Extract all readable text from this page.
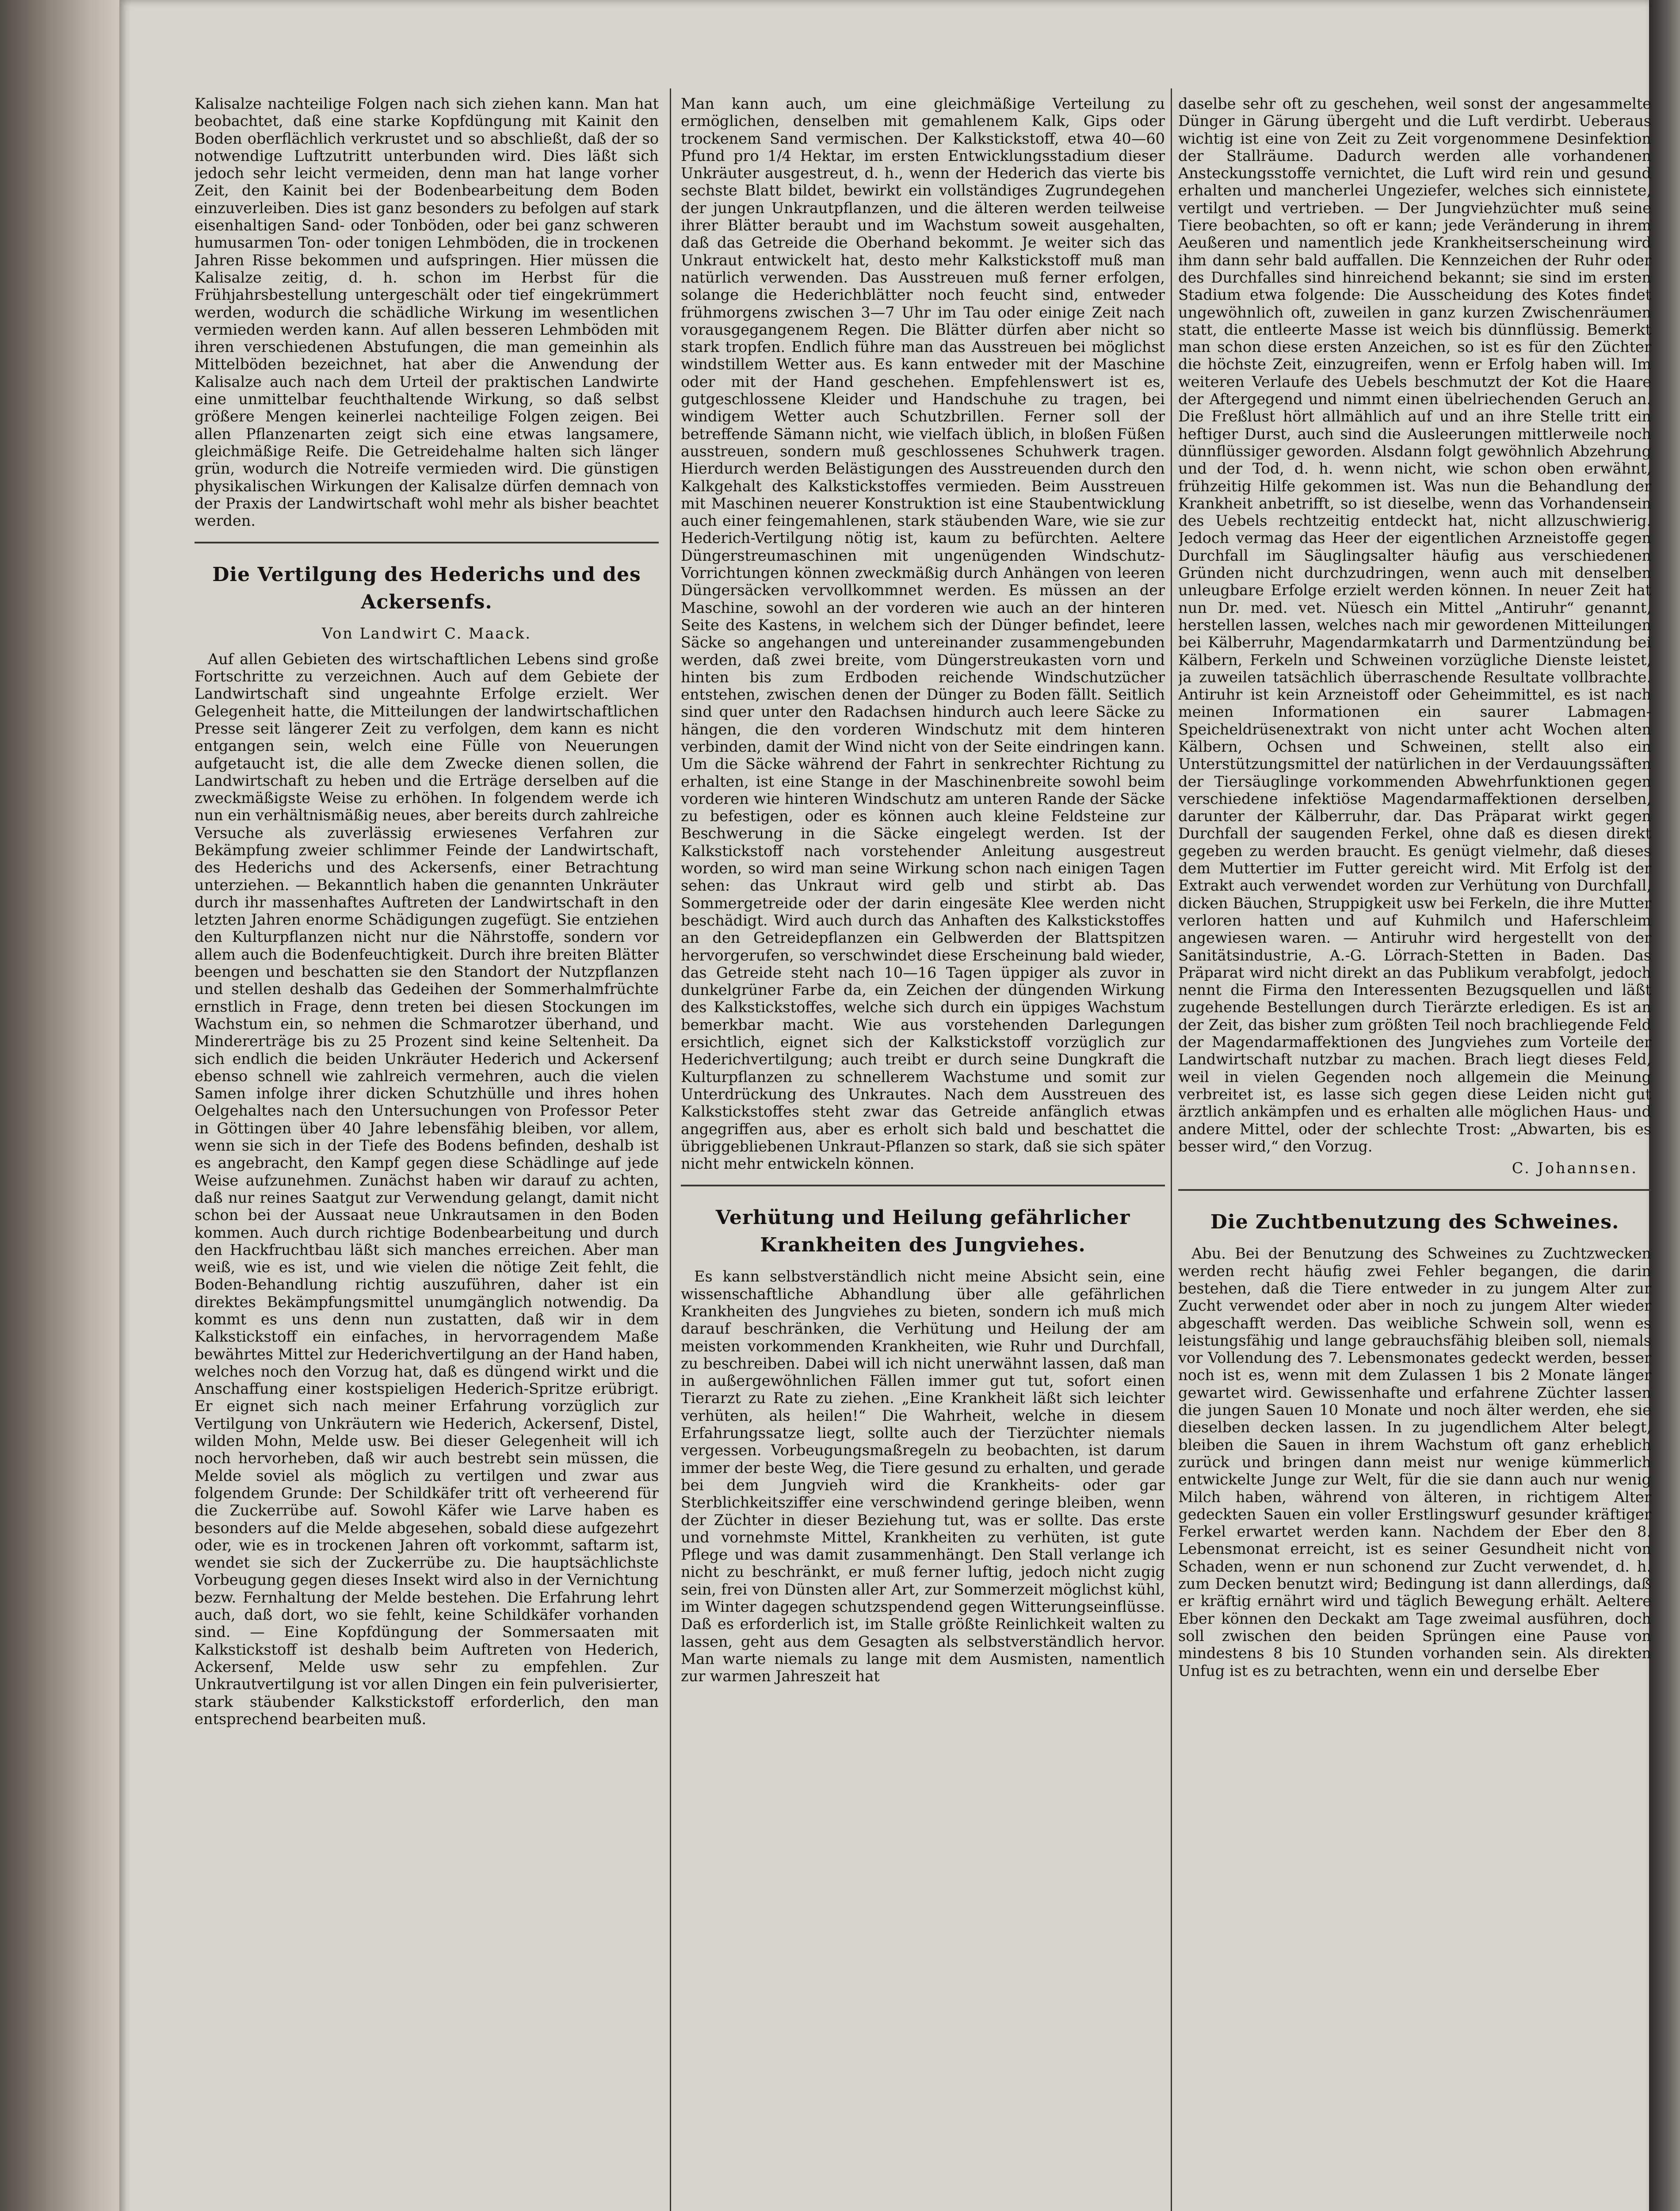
Kalisalze nachteilige Folgen nach sich ziehen kann. Man hat beobachtet, daß eine starke Kopfdüngung mit Kainit den Boden oberflächlich verkrustet und so abschließt, daß der so notwendige Luftzutritt unterbunden wird. Dies läßt sich jedoch sehr leicht vermeiden, denn man hat lange vorher Zeit, den Kainit bei der Bodenbearbeitung dem Boden einzuverleiben. Dies ist ganz besonders zu befolgen auf stark eisenhaltigen Sand- oder Tonböden, oder bei ganz schweren humusarmen Ton- oder tonigen Lehmböden, die in trockenen Jahren Risse bekommen und aufspringen. Hier müssen die Kalisalze zeitig, d. h. schon im Herbst für die Frühjahrsbestellung untergeschält oder tief eingekrümmert werden, wodurch die schädliche Wirkung im wesentlichen vermieden werden kann. Auf allen besseren Lehmböden mit ihren verschiedenen Abstufungen, die man gemeinhin als Mittelböden bezeichnet, hat aber die Anwendung der Kalisalze auch nach dem Urteil der praktischen Landwirte eine unmittelbar feuchthaltende Wirkung, so daß selbst größere Mengen keinerlei nachteilige Folgen zeigen. Bei allen Pflanzenarten zeigt sich eine etwas langsamere, gleichmäßige Reife. Die Getreidehalme halten sich länger grün, wodurch die Notreife vermieden wird. Die günstigen physikalischen Wirkungen der Kalisalze dürfen demnach von der Praxis der Landwirtschaft wohl mehr als bisher beachtet werden.

Die Vertilgung des Hederichs und des Ackersenfs.
Von Landwirt C. Maack.

Auf allen Gebieten des wirtschaftlichen Lebens sind große Fortschritte zu verzeichnen. Auch auf dem Gebiete der Landwirtschaft sind ungeahnte Erfolge erzielt. Wer Gelegenheit hatte, die Mitteilungen der landwirtschaftlichen Presse seit längerer Zeit zu verfolgen, dem kann es nicht entgangen sein, welch eine Fülle von Neuerungen aufgetaucht ist, die alle dem Zwecke dienen sollen, die Landwirtschaft zu heben und die Erträge derselben auf die zweckmäßigste Weise zu erhöhen. In folgendem werde ich nun ein verhältnismäßig neues, aber bereits durch zahlreiche Versuche als zuverlässig erwiesenes Verfahren zur Bekämpfung zweier schlimmer Feinde der Landwirtschaft, des Hederichs und des Ackersenfs, einer Betrachtung unterziehen. — Bekanntlich haben die genannten Unkräuter durch ihr massenhaftes Auftreten der Landwirtschaft in den letzten Jahren enorme Schädigungen zugefügt. Sie entziehen den Kulturpflanzen nicht nur die Nährstoffe, sondern vor allem auch die Bodenfeuchtigkeit. Durch ihre breiten Blätter beengen und beschatten sie den Standort der Nutzpflanzen und stellen deshalb das Gedeihen der Sommerhalmfrüchte ernstlich in Frage, denn treten bei diesen Stockungen im Wachstum ein, so nehmen die Schmarotzer überhand, und Mindererträge bis zu 25 Prozent sind keine Seltenheit. Da sich endlich die beiden Unkräuter Hederich und Ackersenf ebenso schnell wie zahlreich vermehren, auch die vielen Samen infolge ihrer dicken Schutzhülle und ihres hohen Oelgehaltes nach den Untersuchungen von Professor Peter in Göttingen über 40 Jahre lebensfähig bleiben, vor allem, wenn sie sich in der Tiefe des Bodens befinden, deshalb ist es angebracht, den Kampf gegen diese Schädlinge auf jede Weise aufzunehmen. Zunächst haben wir darauf zu achten, daß nur reines Saatgut zur Verwendung gelangt, damit nicht schon bei der Aussaat neue Unkrautsamen in den Boden kommen. Auch durch richtige Bodenbearbeitung und durch den Hackfruchtbau läßt sich manches erreichen. Aber man weiß, wie es ist, und wie vielen die nötige Zeit fehlt, die Boden-Behandlung richtig auszuführen, daher ist ein direktes Bekämpfungsmittel unumgänglich notwendig. Da kommt es uns denn nun zustatten, daß wir in dem Kalkstickstoff ein einfaches, in hervorragendem Maße bewährtes Mittel zur Hederichvertilgung an der Hand haben, welches noch den Vorzug hat, daß es düngend wirkt und die Anschaffung einer kostspieligen Hederich-Spritze erübrigt. Er eignet sich nach meiner Erfahrung vorzüglich zur Vertilgung von Unkräutern wie Hederich, Ackersenf, Distel, wilden Mohn, Melde usw. Bei dieser Gelegenheit will ich noch hervorheben, daß wir auch bestrebt sein müssen, die Melde soviel als möglich zu vertilgen und zwar aus folgendem Grunde: Der Schildkäfer tritt oft verheerend für die Zuckerrübe auf. Sowohl Käfer wie Larve haben es besonders auf die Melde abgesehen, sobald diese aufgezehrt oder, wie es in trockenen Jahren oft vorkommt, saftarm ist, wendet sie sich der Zuckerrübe zu. Die hauptsächlichste Vorbeugung gegen dieses Insekt wird also in der Vernichtung bezw. Fernhaltung der Melde bestehen. Die Erfahrung lehrt auch, daß dort, wo sie fehlt, keine Schildkäfer vorhanden sind. — Eine Kopfdüngung der Sommersaaten mit Kalkstickstoff ist deshalb beim Auftreten von Hederich, Ackersenf, Melde usw sehr zu empfehlen. Zur Unkrautvertilgung ist vor allen Dingen ein fein pulverisierter, stark stäubender Kalkstickstoff erforderlich, den man entsprechend bearbeiten muß.

Man kann auch, um eine gleichmäßige Verteilung zu ermöglichen, denselben mit gemahlenem Kalk, Gips oder trockenem Sand vermischen. Der Kalkstickstoff, etwa 40—60 Pfund pro 1/4 Hektar, im ersten Entwicklungsstadium dieser Unkräuter ausgestreut, d. h., wenn der Hederich das vierte bis sechste Blatt bildet, bewirkt ein vollständiges Zugrundegehen der jungen Unkrautpflanzen, und die älteren werden teilweise ihrer Blätter beraubt und im Wachstum soweit ausgehalten, daß das Getreide die Oberhand bekommt. Je weiter sich das Unkraut entwickelt hat, desto mehr Kalkstickstoff muß man natürlich verwenden. Das Ausstreuen muß ferner erfolgen, solange die Hederichblätter noch feucht sind, entweder frühmorgens zwischen 3—7 Uhr im Tau oder einige Zeit nach vorausgegangenem Regen. Die Blätter dürfen aber nicht so stark tropfen. Endlich führe man das Ausstreuen bei möglichst windstillem Wetter aus. Es kann entweder mit der Maschine oder mit der Hand geschehen. Empfehlenswert ist es, gutgeschlossene Kleider und Handschuhe zu tragen, bei windigem Wetter auch Schutzbrillen. Ferner soll der betreffende Sämann nicht, wie vielfach üblich, in bloßen Füßen ausstreuen, sondern muß geschlossenes Schuhwerk tragen. Hierdurch werden Belästigungen des Ausstreuenden durch den Kalkgehalt des Kalkstickstoffes vermieden. Beim Ausstreuen mit Maschinen neuerer Konstruktion ist eine Staubentwicklung auch einer feingemahlenen, stark stäubenden Ware, wie sie zur Hederich-Vertilgung nötig ist, kaum zu befürchten. Aeltere Düngerstreumaschinen mit ungenügenden Windschutz-Vorrichtungen können zweckmäßig durch Anhängen von leeren Düngersäcken vervollkommnet werden. Es müssen an der Maschine, sowohl an der vorderen wie auch an der hinteren Seite des Kastens, in welchem sich der Dünger befindet, leere Säcke so angehangen und untereinander zusammengebunden werden, daß zwei breite, vom Düngerstreukasten vorn und hinten bis zum Erdboden reichende Windschutzücher entstehen, zwischen denen der Dünger zu Boden fällt. Seitlich sind quer unter den Radachsen hindurch auch leere Säcke zu hängen, die den vorderen Windschutz mit dem hinteren verbinden, damit der Wind nicht von der Seite eindringen kann. Um die Säcke während der Fahrt in senkrechter Richtung zu erhalten, ist eine Stange in der Maschinenbreite sowohl beim vorderen wie hinteren Windschutz am unteren Rande der Säcke zu befestigen, oder es können auch kleine Feldsteine zur Beschwerung in die Säcke eingelegt werden. Ist der Kalkstickstoff nach vorstehender Anleitung ausgestreut worden, so wird man seine Wirkung schon nach einigen Tagen sehen: das Unkraut wird gelb und stirbt ab. Das Sommergetreide oder der darin eingesäte Klee werden nicht beschädigt. Wird auch durch das Anhaften des Kalkstickstoffes an den Getreidepflanzen ein Gelbwerden der Blattspitzen hervorgerufen, so verschwindet diese Erscheinung bald wieder, das Getreide steht nach 10—16 Tagen üppiger als zuvor in dunkelgrüner Farbe da, ein Zeichen der düngenden Wirkung des Kalkstickstoffes, welche sich durch ein üppiges Wachstum bemerkbar macht. Wie aus vorstehenden Darlegungen ersichtlich, eignet sich der Kalkstickstoff vorzüglich zur Hederichvertilgung; auch treibt er durch seine Dungkraft die Kulturpflanzen zu schnellerem Wachstume und somit zur Unterdrückung des Unkrautes. Nach dem Ausstreuen des Kalkstickstoffes steht zwar das Getreide anfänglich etwas angegriffen aus, aber es erholt sich bald und beschattet die übriggebliebenen Unkraut-Pflanzen so stark, daß sie sich später nicht mehr entwickeln können.

Verhütung und Heilung gefährlicher Krankheiten des Jungviehes.

Es kann selbstverständlich nicht meine Absicht sein, eine wissenschaftliche Abhandlung über alle gefährlichen Krankheiten des Jungviehes zu bieten, sondern ich muß mich darauf beschränken, die Verhütung und Heilung der am meisten vorkommenden Krankheiten, wie Ruhr und Durchfall, zu beschreiben. Dabei will ich nicht unerwähnt lassen, daß man in außergewöhnlichen Fällen immer gut tut, sofort einen Tierarzt zu Rate zu ziehen. „Eine Krankheit läßt sich leichter verhüten, als heilen!“ Die Wahrheit, welche in diesem Erfahrungssatze liegt, sollte auch der Tierzüchter niemals vergessen. Vorbeugungsmaßregeln zu beobachten, ist darum immer der beste Weg, die Tiere gesund zu erhalten, und gerade bei dem Jungvieh wird die Krankheits- oder gar Sterblichkeitsziffer eine verschwindend geringe bleiben, wenn der Züchter in dieser Beziehung tut, was er sollte. Das erste und vornehmste Mittel, Krankheiten zu verhüten, ist gute Pflege und was damit zusammenhängt. Den Stall verlange ich nicht zu beschränkt, er muß ferner luftig, jedoch nicht zugig sein, frei von Dünsten aller Art, zur Sommerzeit möglichst kühl, im Winter dagegen schutzspendend gegen Witterungseinflüsse. Daß es erforderlich ist, im Stalle größte Reinlichkeit walten zu lassen, geht aus dem Gesagten als selbstverständlich hervor. Man warte niemals zu lange mit dem Ausmisten, namentlich zur warmen Jahreszeit hat

daselbe sehr oft zu geschehen, weil sonst der angesammelte Dünger in Gärung übergeht und die Luft verdirbt. Ueberaus wichtig ist eine von Zeit zu Zeit vorgenommene Desinfektion der Stallräume. Dadurch werden alle vorhandenen Ansteckungsstoffe vernichtet, die Luft wird rein und gesund erhalten und mancherlei Ungeziefer, welches sich einnistete, vertilgt und vertrieben. — Der Jungviehzüchter muß seine Tiere beobachten, so oft er kann; jede Veränderung in ihrem Aeußeren und namentlich jede Krankheitserscheinung wird ihm dann sehr bald auffallen. Die Kennzeichen der Ruhr oder des Durchfalles sind hinreichend bekannt; sie sind im ersten Stadium etwa folgende: Die Ausscheidung des Kotes findet ungewöhnlich oft, zuweilen in ganz kurzen Zwischenräumen statt, die entleerte Masse ist weich bis dünnflüssig. Bemerkt man schon diese ersten Anzeichen, so ist es für den Züchter die höchste Zeit, einzugreifen, wenn er Erfolg haben will. Im weiteren Verlaufe des Uebels beschmutzt der Kot die Haare der Aftergegend und nimmt einen übelriechenden Geruch an. Die Freßlust hört allmählich auf und an ihre Stelle tritt ein heftiger Durst, auch sind die Ausleerungen mittlerweile noch dünnflüssiger geworden. Alsdann folgt gewöhnlich Abzehrung und der Tod, d. h. wenn nicht, wie schon oben erwähnt, frühzeitig Hilfe gekommen ist. Was nun die Behandlung der Krankheit anbetrifft, so ist dieselbe, wenn das Vorhandensein des Uebels rechtzeitig entdeckt hat, nicht allzuschwierig. Jedoch vermag das Heer der eigentlichen Arzneistoffe gegen Durchfall im Säuglingsalter häufig aus verschiedenen Gründen nicht durchzudringen, wenn auch mit denselben unleugbare Erfolge erzielt werden können. In neuer Zeit hat nun Dr. med. vet. Nüesch ein Mittel „Antiruhr“ genannt, herstellen lassen, welches nach mir gewordenen Mitteilungen bei Kälberruhr, Magendarmkatarrh und Darmentzündung bei Kälbern, Ferkeln und Schweinen vorzügliche Dienste leistet, ja zuweilen tatsächlich überraschende Resultate vollbrachte. Antiruhr ist kein Arzneistoff oder Geheimmittel, es ist nach meinen Informationen ein saurer Labmagen-Speicheldrüsenextrakt von nicht unter acht Wochen alten Kälbern, Ochsen und Schweinen, stellt also ein Unterstützungsmittel der natürlichen in der Verdauungssäften der Tiersäuglinge vorkommenden Abwehrfunktionen gegen verschiedene infektiöse Magendarmaffektionen derselben, darunter der Kälberruhr, dar. Das Präparat wirkt gegen Durchfall der saugenden Ferkel, ohne daß es diesen direkt gegeben zu werden braucht. Es genügt vielmehr, daß dieses dem Muttertier im Futter gereicht wird. Mit Erfolg ist der Extrakt auch verwendet worden zur Verhütung von Durchfall, dicken Bäuchen, Struppigkeit usw bei Ferkeln, die ihre Mutter verloren hatten und auf Kuhmilch und Haferschleim angewiesen waren. — Antiruhr wird hergestellt von der Sanitätsindustrie, A.-G. Lörrach-Stetten in Baden. Das Präparat wird nicht direkt an das Publikum verabfolgt, jedoch nennt die Firma den Interessenten Bezugsquellen und läßt zugehende Bestellungen durch Tierärzte erledigen. Es ist an der Zeit, das bisher zum größten Teil noch brachliegende Feld der Magendarmaffektionen des Jungviehes zum Vorteile der Landwirtschaft nutzbar zu machen. Brach liegt dieses Feld, weil in vielen Gegenden noch allgemein die Meinung verbreitet ist, es lasse sich gegen diese Leiden nicht gut ärztlich ankämpfen und es erhalten alle möglichen Haus- und andere Mittel, oder der schlechte Trost: „Abwarten, bis es besser wird,“ den Vorzug.

C. Johannsen.
Die Zuchtbenutzung des Schweines.

Abu. Bei der Benutzung des Schweines zu Zuchtzwecken werden recht häufig zwei Fehler begangen, die darin bestehen, daß die Tiere entweder in zu jungem Alter zur Zucht verwendet oder aber in noch zu jungem Alter wieder abgeschafft werden. Das weibliche Schwein soll, wenn es leistungsfähig und lange gebrauchsfähig bleiben soll, niemals vor Vollendung des 7. Lebensmonates gedeckt werden, besser noch ist es, wenn mit dem Zulassen 1 bis 2 Monate länger gewartet wird. Gewissenhafte und erfahrene Züchter lassen die jungen Sauen 10 Monate und noch älter werden, ehe sie dieselben decken lassen. In zu jugendlichem Alter belegt, bleiben die Sauen in ihrem Wachstum oft ganz erheblich zurück und bringen dann meist nur wenige kümmerlich entwickelte Junge zur Welt, für die sie dann auch nur wenig Milch haben, während von älteren, in richtigem Alter gedeckten Sauen ein voller Erstlingswurf gesunder kräftiger Ferkel erwartet werden kann. Nachdem der Eber den 8. Lebensmonat erreicht, ist es seiner Gesundheit nicht von Schaden, wenn er nun schonend zur Zucht verwendet, d. h. zum Decken benutzt wird; Bedingung ist dann allerdings, daß er kräftig ernährt wird und täglich Bewegung erhält. Aeltere Eber können den Deckakt am Tage zweimal ausführen, doch soll zwischen den beiden Sprüngen eine Pause von mindestens 8 bis 10 Stunden vorhanden sein. Als direkten Unfug ist es zu betrachten, wenn ein und derselbe Eber
